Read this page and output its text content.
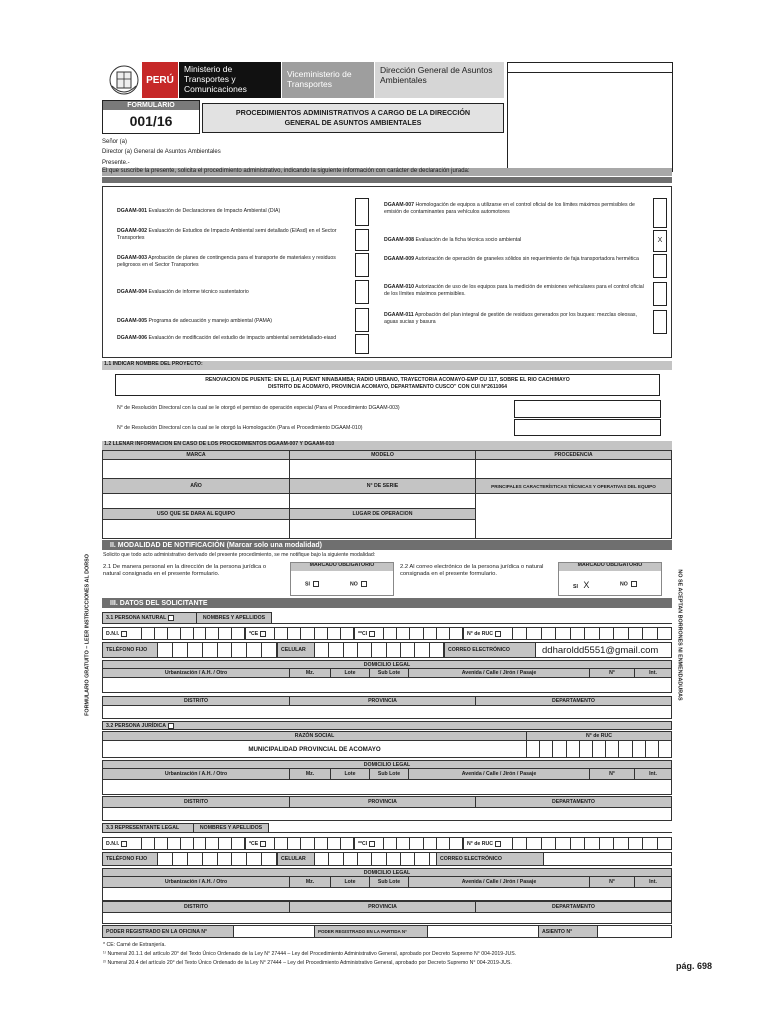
PERÚ
Ministerio de Transportes y Comunicaciones
Viceministerio de Transportes
Dirección General de Asuntos Ambientales
FORMULARIO
001/16
PROCEDIMIENTOS ADMINISTRATIVOS A CARGO DE LA DIRECCIÓN GENERAL DE ASUNTOS AMBIENTALES
Señor (a)
Director (a) General de Asuntos Ambientales
Presente.-
El que suscribe la presente, solicita el procedimiento administrativo, indicando la siguiente información con carácter de declaración jurada:
DGAAM-001 Evaluación de Declaraciones de Impacto Ambiental (DIA)
DGAAM-002 Evaluación de Estudios de Impacto Ambiental semi detallado (EIAsd) en el Sector Transportes
DGAAM-003 Aprobación de planes de contingencia para el transporte de materiales y residuos peligrosos en el Sector Transportes
DGAAM-004 Evaluación de informe técnico sustentatorio
DGAAM-005 Programa de adecuación y manejo ambiental (PAMA)
DGAAM-006 Evaluación de modificación del estudio de impacto ambiental semidetallado-eiasd
DGAAM-007 Homologación de equipos a utilizarse en el control oficial de los límites máximos permisibles de emisión de contaminantes para vehículos automotores
DGAAM-008 Evaluación de la ficha técnica socio ambiental	X
DGAAM-009 Autorización de operación de graneles sólidos sin requerimiento de faja transportadora hermética
DGAAM-010 Autorización de uso de los equipos para la medición de emisiones vehiculares para el control oficial de los límites máximos permisibles.
DGAAM-011 Aprobación del plan integral de gestión de residuos generados por los buques: mezclas oleosas, aguas sucias y basura
1.1 INDICAR NOMBRE DEL PROYECTO:
RENOVACION DE PUENTE: EN EL (LA) PUENT NINABAMBA; RADIO URBANO, TRAYECTORIA ACOMAYO-EMP CU 117, SOBRE EL RIO CACHIMAYO
DISTRITO DE ACOMAYO, PROVINCIA ACOMAYO, DEPARTAMENTO CUSCO" CON CUI N°2611064
N° de Resolución Directoral con la cual se le otorgó el permiso de operación especial (Para el Procedimiento DGAAM-003)
N° de Resolución Directoral con la cual se le otorgó la Homologación (Para el Procedimiento DGAAM-010)
1.2 LLENAR INFORMACION EN CASO DE LOS PROCEDIMIENTOS DGAAM-007 Y DGAAM-010
MARCA	MODELO	PROCEDENCIA
AÑO	N° DE SERIE	PRINCIPALES CARACTERÍSTICAS TÉCNICAS Y OPERATIVAS DEL EQUIPO
USO QUE SE DARA AL EQUIPO	LUGAR DE OPERACION
II. MODALIDAD DE NOTIFICACIÓN (Marcar solo una modalidad)
Solicito que todo acto administrativo derivado del presente procedimiento, se me notifique bajo la siguiente modalidad:
2.1 De manera personal en la dirección de la persona jurídica o natural consignada en el presente formulario.
MARCADO OBLIGATORIO
SI	NO
2.2 Al correo electrónico de la persona jurídica o natural consignada en el presente formulario.
MARCADO OBLIGATORIO
SI X	NO
III. DATOS DEL SOLICITANTE
3.1 PERSONA NATURAL	NOMBRES Y APELLIDOS
D.N.I.	*CE	**CI	N° de RUC
TELÉFONO FIJO	CELULAR	CORREO ELECTRÓNICO	ddharoldd5551@gmail.com
DOMICILIO LEGAL
Urbanización / A.H. / Otro	Mz.	Lote	Sub Lote	Avenida / Calle / Jirón / Pasaje	N°	Int.
DISTRITO	PROVINCIA	DEPARTAMENTO
3.2 PERSONA JURÍDICA
RAZÓN SOCIAL	N° de RUC
MUNICIPALIDAD PROVINCIAL DE ACOMAYO
DOMICILIO LEGAL
Urbanización / A.H. / Otro	Mz.	Lote	Sub Lote	Avenida / Calle / Jirón / Pasaje	N°	Int.
DISTRITO	PROVINCIA	DEPARTAMENTO
3.3 REPRESENTANTE LEGAL	NOMBRES Y APELLIDOS
D.N.I.	*CE	**CI	N° de RUC
TELÉFONO FIJO	CELULAR	CORREO ELECTRÓNICO
DOMICILIO LEGAL
Urbanización / A.H. / Otro	Mz.	Lote	Sub Lote	Avenida / Calle / Jirón / Pasaje	N°	Int.
DISTRITO	PROVINCIA	DEPARTAMENTO
PODER REGISTRADO EN LA OFICINA N°	PODER REGISTRADO EN LA PARTIDA N°	ASIENTO N°
FORMULARIO GRATUITO – LEER INSTRUCCIONES AL DORSO	NO SE ACEPTAN BORRONES NI ENMENDADURAS
* CE: Carné de Extranjería.
¹⁾ Numeral 20.1.1 del artículo 20° del Texto Único Ordenado de la Ley N° 27444 – Ley del Procedimiento Administrativo General, aprobado por Decreto Supremo N° 004-2019-JUS.
²⁾ Numeral 20.4 del artículo 20° del Texto Único Ordenado de la Ley N° 27444 – Ley del Procedimiento Administrativo General, aprobado por Decreto Supremo N° 004-2019-JUS.	pág. 698
